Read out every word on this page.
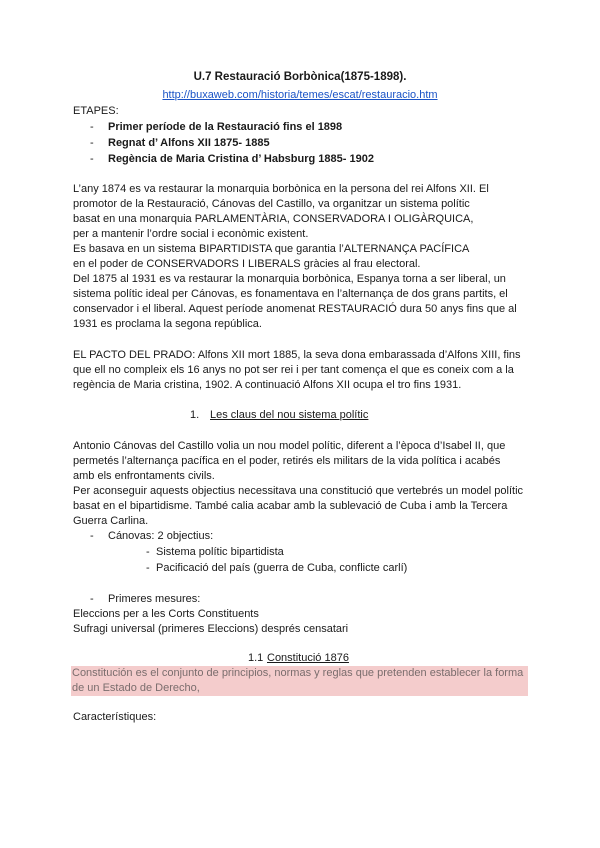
U.7 Restauració Borbònica(1875-1898).
http://buxaweb.com/historia/temes/escat/restauracio.htm
ETAPES:
- Primer període de la Restauració fins el 1898
- Regnat d’ Alfons XII 1875- 1885
- Regència de Maria Cristina d’ Habsburg 1885- 1902
L’any 1874 es va restaurar la monarquia borbònica en la persona del rei Alfons XII. El
promotor de la Restauració, Cánovas del Castillo, va organitzar un sistema polític
basat en una monarquia PARLAMENTÀRIA, CONSERVADORA I OLIGÀRQUICA,
per a mantenir l’ordre social i econòmic existent.
Es basava en un sistema BIPARTIDISTA que garantia l’ALTERNANÇA PACÍFICA
en el poder de CONSERVADORS I LIBERALS gràcies al frau electoral.
Del 1875 al 1931 es va restaurar la monarquia borbònica, Espanya torna a ser liberal, un
sistema polític ideal per Cánovas, es fonamentava en l’alternança de dos grans partits, el
conservador i el liberal. Aquest període anomenat RESTAURACIÓ dura 50 anys fins que al
1931 es proclama la segona república.
EL PACTO DEL PRADO: Alfons XII mort 1885, la seva dona embarassada d’Alfons XIII, fins
que ell no compleix els 16 anys no pot ser rei i per tant comença el que es coneix com a la
regència de Maria cristina, 1902. A continuació Alfons XII ocupa el tro fins 1931.
1. Les claus del nou sistema polític
Antonio Cánovas del Castillo volia un nou model polític, diferent a l’època d’Isabel II, que
permetés l’alternança pacífica en el poder, retirés els militars de la vida política i acabés
amb els enfrontaments civils.
Per aconseguir aquests objectius necessitava una constitució que vertebrés un model polític
basat en el bipartidisme. També calia acabar amb la sublevació de Cuba i amb la Tercera
Guerra Carlina.
- Cánovas: 2 objectius:
- Sistema polític bipartidista
- Pacificació del país (guerra de Cuba, conflicte carlí)
- Primeres mesures:
Eleccions per a les Corts Constituents
Sufragi universal (primeres Eleccions) després censatari
1.1 Constitució 1876
Constitución es el conjunto de principios, normas y reglas que pretenden establecer la forma de un Estado de Derecho,
Característiques:
